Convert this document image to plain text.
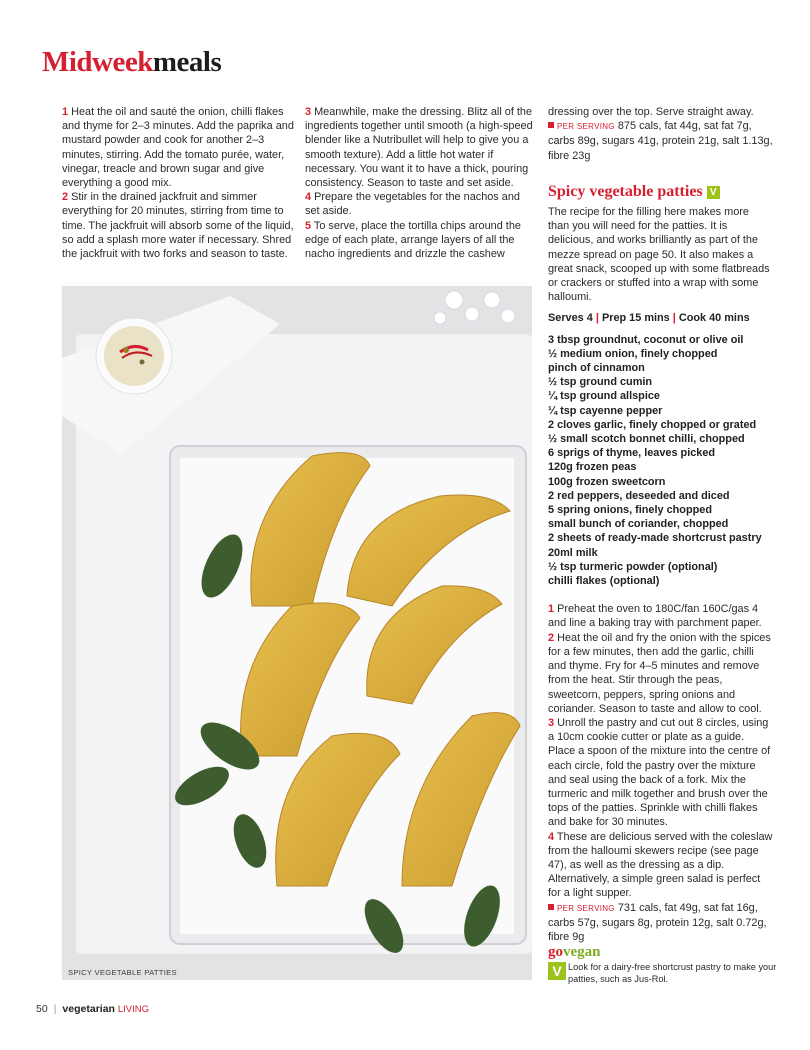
Midweekmeals

1 Heat the oil and sauté the onion, chilli flakes and thyme for 2–3 minutes. Add the paprika and mustard powder and cook for another 2–3 minutes, stirring. Add the tomato purée, water, vinegar, treacle and brown sugar and give everything a good mix.

2 Stir in the drained jackfruit and simmer everything for 20 minutes, stirring from time to time. The jackfruit will absorb some of the liquid, so add a splash more water if necessary. Shred the jackfruit with two forks and season to taste.

3 Meanwhile, make the dressing. Blitz all of the ingredients together until smooth (a high-speed blender like a Nutribullet will help to give you a smooth texture). Add a little hot water if necessary. You want it to have a thick, pouring consistency. Season to taste and set aside.

4 Prepare the vegetables for the nachos and set aside.

5 To serve, place the tortilla chips around the edge of each plate, arrange layers of all the nacho ingredients and drizzle the cashew

dressing over the top. Serve straight away.

PER SERVING 875 cals, fat 44g, sat fat 7g, carbs 89g, sugars 41g, protein 21g, salt 1.13g, fibre 23g

Spicy vegetable patties V

The recipe for the filling here makes more than you will need for the patties. It is delicious, and works brilliantly as part of the mezze spread on page 50. It also makes a great snack, scooped up with some flatbreads or crackers or stuffed into a wrap with some halloumi.

Serves 4 | Prep 15 mins | Cook 40 mins

3 tbsp groundnut, coconut or olive oil

½ medium onion, finely chopped

pinch of cinnamon

½ tsp ground cumin

¼ tsp ground allspice

¼ tsp cayenne pepper

2 cloves garlic, finely chopped or grated

½ small scotch bonnet chilli, chopped

6 sprigs of thyme, leaves picked

120g frozen peas

100g frozen sweetcorn

2 red peppers, deseeded and diced

5 spring onions, finely chopped

small bunch of coriander, chopped

2 sheets of ready-made shortcrust pastry

20ml milk

½ tsp turmeric powder (optional)

chilli flakes (optional)

1 Preheat the oven to 180C/fan 160C/gas 4 and line a baking tray with parchment paper.

2 Heat the oil and fry the onion with the spices for a few minutes, then add the garlic, chilli and thyme. Fry for 4–5 minutes and remove from the heat. Stir through the peas, sweetcorn, peppers, spring onions and coriander. Season to taste and allow to cool.

3 Unroll the pastry and cut out 8 circles, using a 10cm cookie cutter or plate as a guide. Place a spoon of the mixture into the centre of each circle, fold the pastry over the mixture and seal using the back of a fork. Mix the turmeric and milk together and brush over the tops of the patties. Sprinkle with chilli flakes and bake for 30 minutes.

4 These are delicious served with the coleslaw from the halloumi skewers recipe (see page 47), as well as the dressing as a dip. Alternatively, a simple green salad is perfect for a light supper.

PER SERVING 731 cals, fat 49g, sat fat 16g, carbs 57g, sugars 8g, protein 12g, salt 0.72g, fibre 9g

SPICY VEGETABLE PATTIES
govegan
V Look for a dairy-free shortcrust pastry to make your patties, such as Jus-Rol.
50 | vegetarian LIVING
